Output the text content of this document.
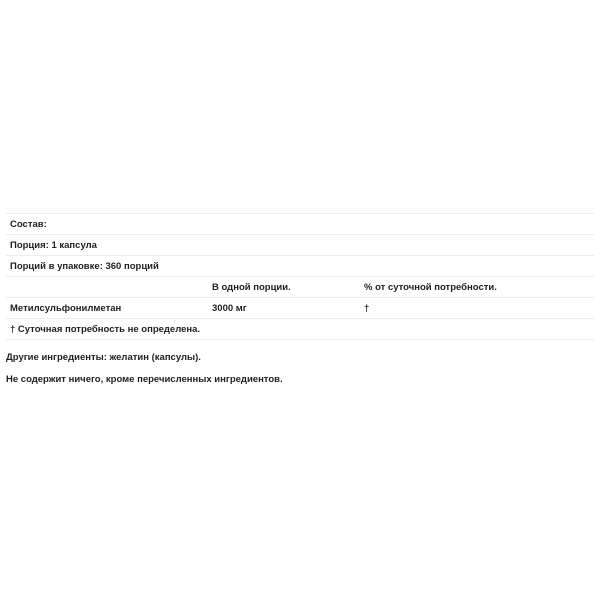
Состав:		
Порция: 1 капсула		
Порций в упаковке: 360 порций		
	В одной порции.	% от суточной потребности.
Метилсульфонилметан	3000 мг	†
† Суточная потребность не определена.		
Другие ингредиенты: желатин (капсулы).
Не содержит ничего, кроме перечисленных ингредиентов.
